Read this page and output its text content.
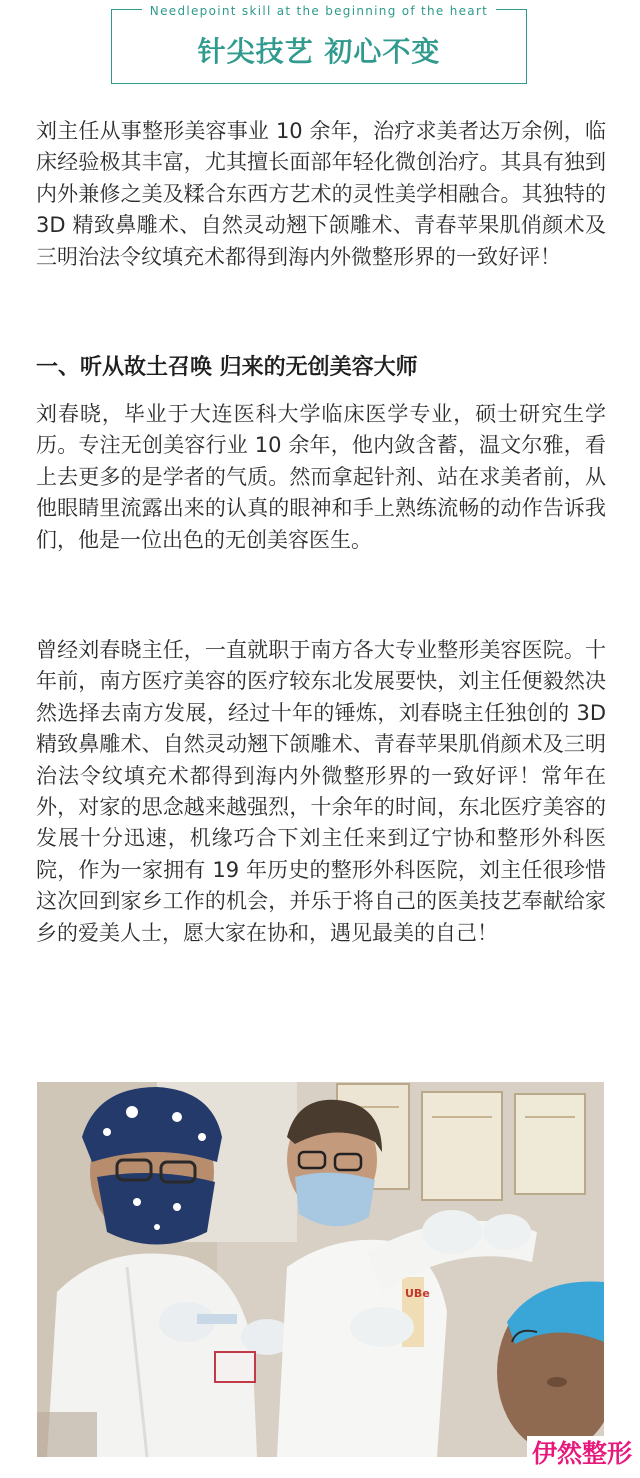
Needlepoint skill at the beginning of the heart
针尖技艺 初心不变

刘主任从事整形美容事业 10 余年，治疗求美者达万余例，临床经验极其丰富，尤其擅长面部年轻化微创治疗。其具有独到内外兼修之美及糅合东西方艺术的灵性美学相融合。其独特的 3D 精致鼻雕术、自然灵动翘下颌雕术、青春苹果肌俏颜术及三明治法令纹填充术都得到海内外微整形界的一致好评！

一、听从故土召唤 归来的无创美容大师

刘春晓，毕业于大连医科大学临床医学专业，硕士研究生学历。专注无创美容行业 10 余年，他内敛含蓄，温文尔雅，看上去更多的是学者的气质。然而拿起针剂、站在求美者前，从他眼睛里流露出来的认真的眼神和手上熟练流畅的动作告诉我们，他是一位出色的无创美容医生。

曾经刘春晓主任，一直就职于南方各大专业整形美容医院。十年前，南方医疗美容的医疗较东北发展要快，刘主任便毅然决然选择去南方发展，经过十年的锤炼，刘春晓主任独创的 3D 精致鼻雕术、自然灵动翘下颌雕术、青春苹果肌俏颜术及三明治法令纹填充术都得到海内外微整形界的一致好评！常年在外，对家的思念越来越强烈，十余年的时间，东北医疗美容的发展十分迅速，机缘巧合下刘主任来到辽宁协和整形外科医院，作为一家拥有 19 年历史的整形外科医院，刘主任很珍惜这次回到家乡工作的机会，并乐于将自己的医美技艺奉献给家乡的爱美人士，愿大家在协和，遇见最美的自己！

UBe
伊然整形
